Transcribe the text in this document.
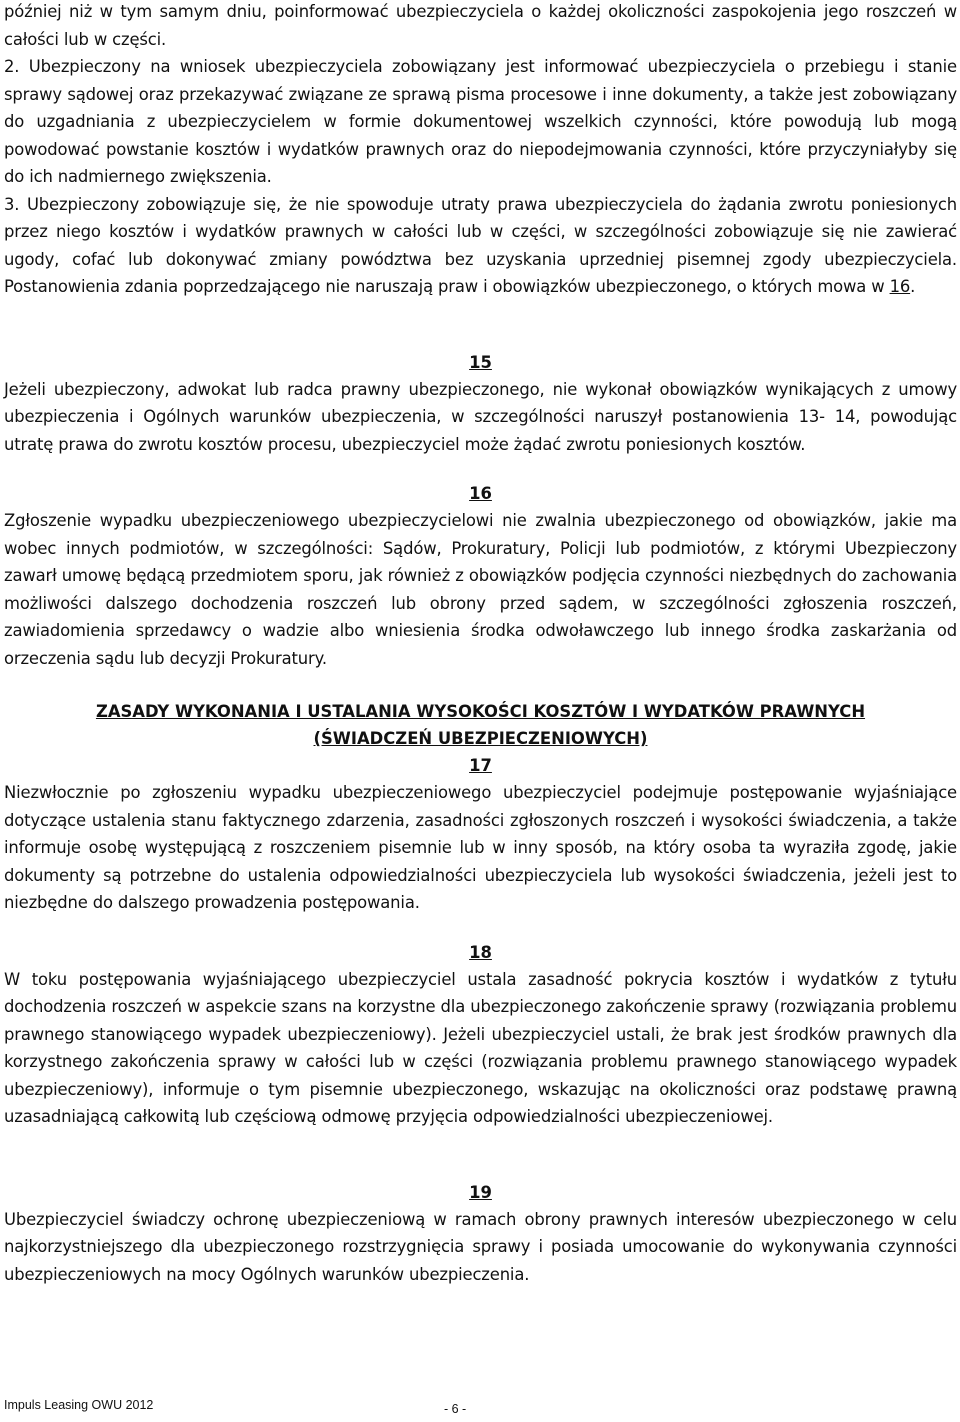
później niż w tym samym dniu, poinformować ubezpieczyciela o każdej okoliczności zaspokojenia jego roszczeń w całości lub w części.

2. Ubezpieczony na wniosek ubezpieczyciela zobowiązany jest informować ubezpieczyciela o przebiegu i stanie sprawy sądowej oraz przekazywać związane ze sprawą pisma procesowe i inne dokumenty, a także jest zobowiązany do uzgadniania z ubezpieczycielem w formie dokumentowej wszelkich czynności, które powodują lub mogą powodować powstanie kosztów i wydatków prawnych oraz do niepodejmowania czynności, które przyczyniałyby się do ich nadmiernego zwiększenia.

3. Ubezpieczony zobowiązuje się, że nie spowoduje utraty prawa ubezpieczyciela do żądania zwrotu poniesionych przez niego kosztów i wydatków prawnych w całości lub w części, w szczególności zobowiązuje się nie zawierać ugody, cofać lub dokonywać zmiany powództwa bez uzyskania uprzedniej pisemnej zgody ubezpieczyciela. Postanowienia zdania poprzedzającego nie naruszają praw i obowiązków ubezpieczonego, o których mowa w 16.

15

Jeżeli ubezpieczony, adwokat lub radca prawny ubezpieczonego, nie wykonał obowiązków wynikających z umowy ubezpieczenia i Ogólnych warunków ubezpieczenia, w szczególności naruszył postanowienia 13- 14, powodując utratę prawa do zwrotu kosztów procesu, ubezpieczyciel może żądać zwrotu poniesionych kosztów.

16

Zgłoszenie wypadku ubezpieczeniowego ubezpieczycielowi nie zwalnia ubezpieczonego od obowiązków, jakie ma wobec innych podmiotów, w szczególności: Sądów, Prokuratury, Policji lub podmiotów, z którymi Ubezpieczony zawarł umowę będącą przedmiotem sporu, jak również z obowiązków podjęcia czynności niezbędnych do zachowania możliwości dalszego dochodzenia roszczeń lub obrony przed sądem, w szczególności zgłoszenia roszczeń, zawiadomienia sprzedawcy o wadzie albo wniesienia środka odwoławczego lub innego środka zaskarżania od orzeczenia sądu lub decyzji Prokuratury.

ZASADY WYKONANIA I USTALANIA WYSOKOŚCI KOSZTÓW I WYDATKÓW PRAWNYCH

(ŚWIADCZEŃ UBEZPIECZENIOWYCH)

17

Niezwłocznie po zgłoszeniu wypadku ubezpieczeniowego ubezpieczyciel podejmuje postępowanie wyjaśniające dotyczące ustalenia stanu faktycznego zdarzenia, zasadności zgłoszonych roszczeń i wysokości świadczenia, a także informuje osobę występującą z roszczeniem pisemnie lub w inny sposób, na który osoba ta wyraziła zgodę, jakie dokumenty są potrzebne do ustalenia odpowiedzialności ubezpieczyciela lub wysokości świadczenia, jeżeli jest to niezbędne do dalszego prowadzenia postępowania.

18

W toku postępowania wyjaśniającego ubezpieczyciel ustala zasadność pokrycia kosztów i wydatków z tytułu dochodzenia roszczeń w aspekcie szans na korzystne dla ubezpieczonego zakończenie sprawy (rozwiązania problemu prawnego stanowiącego wypadek ubezpieczeniowy). Jeżeli ubezpieczyciel ustali, że brak jest środków prawnych dla korzystnego zakończenia sprawy w całości lub w części (rozwiązania problemu prawnego stanowiącego wypadek ubezpieczeniowy), informuje o tym pisemnie ubezpieczonego, wskazując na okoliczności oraz podstawę prawną uzasadniającą całkowitą lub częściową odmowę przyjęcia odpowiedzialności ubezpieczeniowej.

19

Ubezpieczyciel świadczy ochronę ubezpieczeniową w ramach obrony prawnych interesów ubezpieczonego w celu najkorzystniejszego dla ubezpieczonego rozstrzygnięcia sprawy i posiada umocowanie do wykonywania czynności ubezpieczeniowych na mocy Ogólnych warunków ubezpieczenia.

Impuls Leasing OWU 2012	- 6 -
